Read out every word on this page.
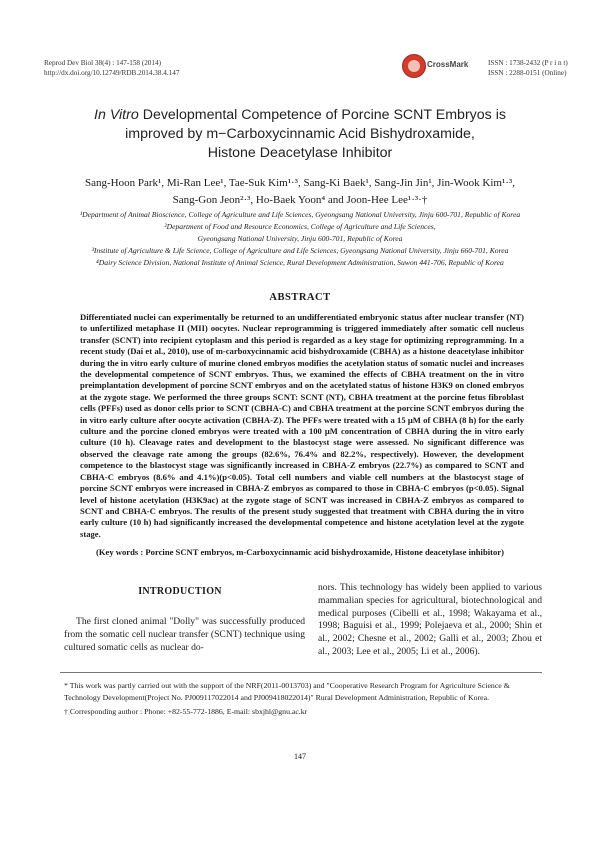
Reprod Dev Biol 38(4) : 147-158 (2014)
http://dx.doi.org/10.12749/RDB.2014.38.4.147
CrossMark	ISSN : 1738-2432 (P r i n t)
ISSN : 2288-0151 (Online)
In Vitro Developmental Competence of Porcine SCNT Embryos is
improved by m−Carboxycinnamic Acid Bishydroxamide,
Histone Deacetylase Inhibitor
Sang-Hoon Park¹, Mi-Ran Lee¹, Tae-Suk Kim¹·³, Sang-Ki Baek¹, Sang-Jin Jin¹, Jin-Wook Kim¹·³,
Sang-Gon Jeon²·³, Ho-Baek Yoon⁴ and Joon-Hee Lee¹·³·†
¹Department of Animal Bioscience, College of Agriculture and Life Sciences, Gyeongsang National University, Jinju 600-701, Republic of Korea
²Department of Food and Resource Economics, College of Agriculture and Life Sciences,
Gyeongsang National University, Jinju 600-701, Republic of Korea
³Institute of Agriculture & Life Science, College of Agriculture and Life Sciences, Gyeongsang National University, Jinju 660-701, Korea
⁴Dairy Science Division, National Institute of Animal Science, Rural Development Administration, Suwon 441-706, Republic of Korea
ABSTRACT
Differentiated nuclei can experimentally be returned to an undifferentiated embryonic status after nuclear transfer (NT) to unfertilized metaphase II (MII) oocytes. Nuclear reprogramming is triggered immediately after somatic cell nucleus transfer (SCNT) into recipient cytoplasm and this period is regarded as a key stage for optimizing reprogramming. In a recent study (Dai et al., 2010), use of m-carboxycinnamic acid bishydroxamide (CBHA) as a histone deacetylase inhibitor during the in vitro early culture of murine cloned embryos modifies the acetylation status of somatic nuclei and increases the developmental competence of SCNT embryos. Thus, we examined the effects of CBHA treatment on the in vitro preimplantation development of porcine SCNT embryos and on the acetylated status of histone H3K9 on cloned embryos at the zygote stage. We performed the three groups SCNT: SCNT (NT), CBHA treatment at the porcine fetus fibroblast cells (PFFs) used as donor cells prior to SCNT (CBHA-C) and CBHA treatment at the porcine SCNT embryos during the in vitro early culture after oocyte activation (CBHA-Z). The PFFs were treated with a 15 μM of CBHA (8 h) for the early culture and the porcine cloned embryos were treated with a 100 μM concentration of CBHA during the in vitro early culture (10 h). Cleavage rates and development to the blastocyst stage were assessed. No significant difference was observed the cleavage rate among the groups (82.6%, 76.4% and 82.2%, respectively). However, the development competence to the blastocyst stage was significantly increased in CBHA-Z embryos (22.7%) as compared to SCNT and CBHA-C embryos (8.6% and 4.1%)(p<0.05). Total cell numbers and viable cell numbers at the blastocyst stage of porcine SCNT embryos were increased in CBHA-Z embryos as compared to those in CBHA-C embryos (p<0.05). Signal level of histone acetylation (H3K9ac) at the zygote stage of SCNT was increased in CBHA-Z embryos as compared to SCNT and CBHA-C embryos. The results of the present study suggested that treatment with CBHA during the in vitro early culture (10 h) had significantly increased the developmental competence and histone acetylation level at the zygote stage.
(Key words : Porcine SCNT embryos, m-Carboxycinnamic acid bishydroxamide, Histone deacetylase inhibitor)
INTRODUCTION
The first cloned animal "Dolly" was successfully produced from the somatic cell nuclear transfer (SCNT) technique using cultured somatic cells as nuclear do-
nors. This technology has widely been applied to various mammalian species for agricultural, biotechnological and medical purposes (Cibelli et al., 1998; Wakayama et al., 1998; Baguisi et al., 1999; Polejaeva et al., 2000; Shin et al., 2002; Chesne et al., 2002; Galli et al., 2003; Zhou et al., 2003; Lee et al., 2005; Li et al., 2006).
* This work was partly carried out with the support of the NRF(2011-0013703) and "Cooperative Research Program for Agriculture Science & Technology Development(Project No. PJ009117022014 and PJ009418022014)" Rural Development Administration, Republic of Korea.
† Corresponding author : Phone: +82-55-772-1886, E-mail: sbxjhl@gnu.ac.kr
147
